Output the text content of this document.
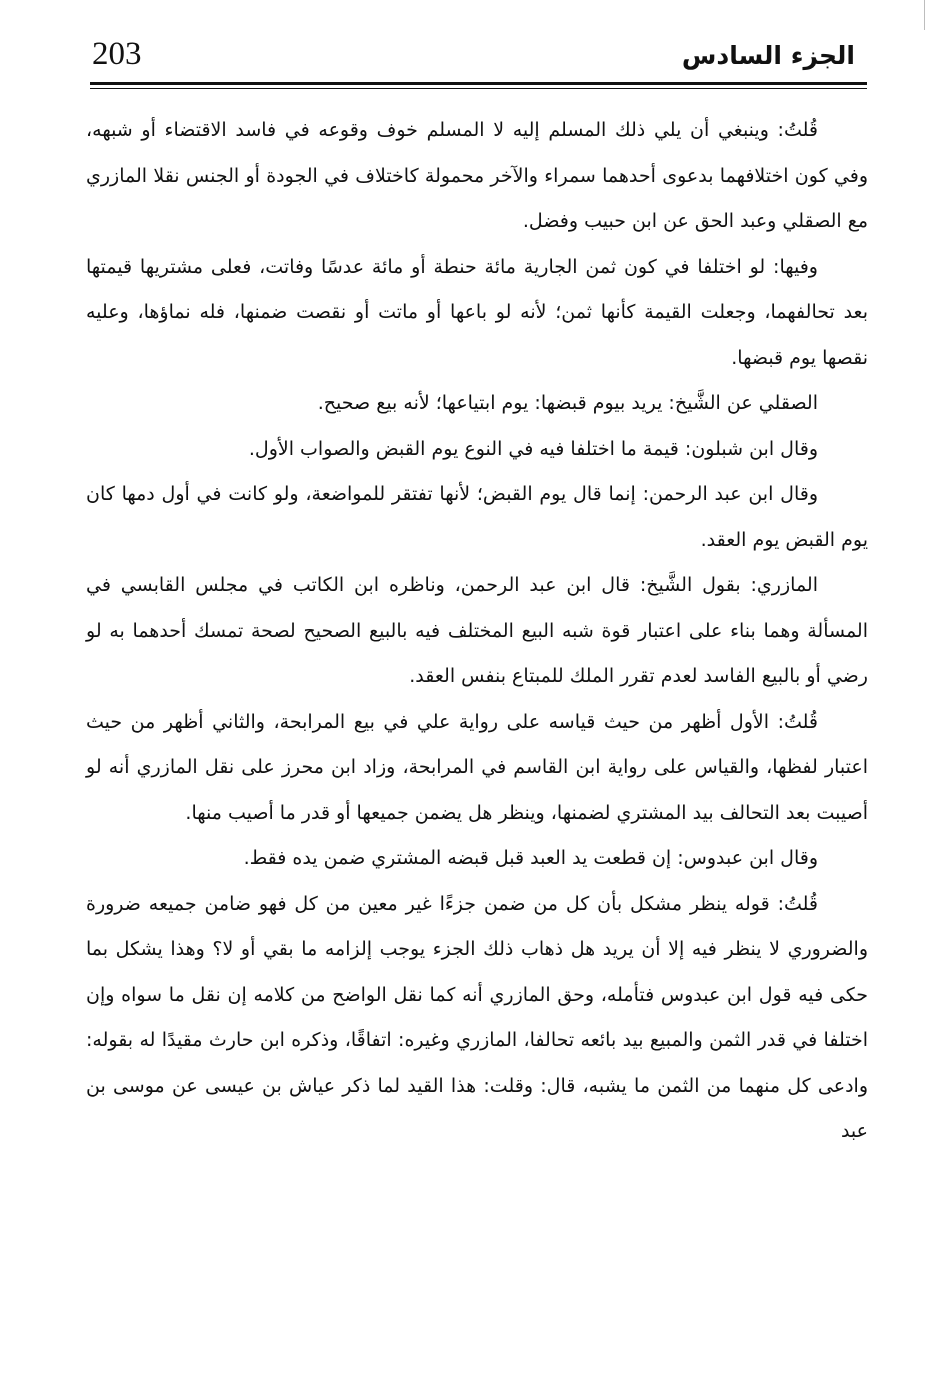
203	الجزء السادس

قُلتُ: وينبغي أن يلي ذلك المسلم إليه لا المسلم خوف وقوعه في فاسد الاقتضاء أو شبهه، وفي كون اختلافهما بدعوى أحدهما سمراء والآخر محمولة كاختلاف في الجودة أو الجنس نقلا المازري مع الصقلي وعبد الحق عن ابن حبيب وفضل.

وفيها: لو اختلفا في كون ثمن الجارية مائة حنطة أو مائة عدسًا وفاتت، فعلى مشتريها قيمتها بعد تحالفهما، وجعلت القيمة كأنها ثمن؛ لأنه لو باعها أو ماتت أو نقصت ضمنها، فله نماؤها، وعليه نقصها يوم قبضها.

الصقلي عن الشَّيخ: يريد بيوم قبضها: يوم ابتياعها؛ لأنه بيع صحيح.

وقال ابن شبلون: قيمة ما اختلفا فيه في النوع يوم القبض والصواب الأول.

وقال ابن عبد الرحمن: إنما قال يوم القبض؛ لأنها تفتقر للمواضعة، ولو كانت في أول دمها كان يوم القبض يوم العقد.

المازري: بقول الشَّيخ: قال ابن عبد الرحمن، وناظره ابن الكاتب في مجلس القابسي في المسألة وهما بناء على اعتبار قوة شبه البيع المختلف فيه بالبيع الصحيح لصحة تمسك أحدهما به لو رضي أو بالبيع الفاسد لعدم تقرر الملك للمبتاع بنفس العقد.

قُلتُ: الأول أظهر من حيث قياسه على رواية علي في بيع المرابحة، والثاني أظهر من حيث اعتبار لفظها، والقياس على رواية ابن القاسم في المرابحة، وزاد ابن محرز على نقل المازري أنه لو أصيبت بعد التحالف بيد المشتري لضمنها، وينظر هل يضمن جميعها أو قدر ما أصيب منها.

وقال ابن عبدوس: إن قطعت يد العبد قبل قبضه المشتري ضمن يده فقط.

قُلتُ: قوله ينظر مشكل بأن كل من ضمن جزءًا غير معين من كل فهو ضامن جميعه ضرورة والضروري لا ينظر فيه إلا أن يريد هل ذهاب ذلك الجزء يوجب إلزامه ما بقي أو لا؟ وهذا يشكل بما حكى فيه قول ابن عبدوس فتأمله، وحق المازري أنه كما نقل الواضح من كلامه إن نقل ما سواه وإن اختلفا في قدر الثمن والمبيع بيد بائعه تحالفا، المازري وغيره: اتفاقًا، وذكره ابن حارث مقيدًا له بقوله: وادعى كل منهما من الثمن ما يشبه، قال: وقلت: هذا القيد لما ذكر عياش بن عيسى عن موسى بن عبد
